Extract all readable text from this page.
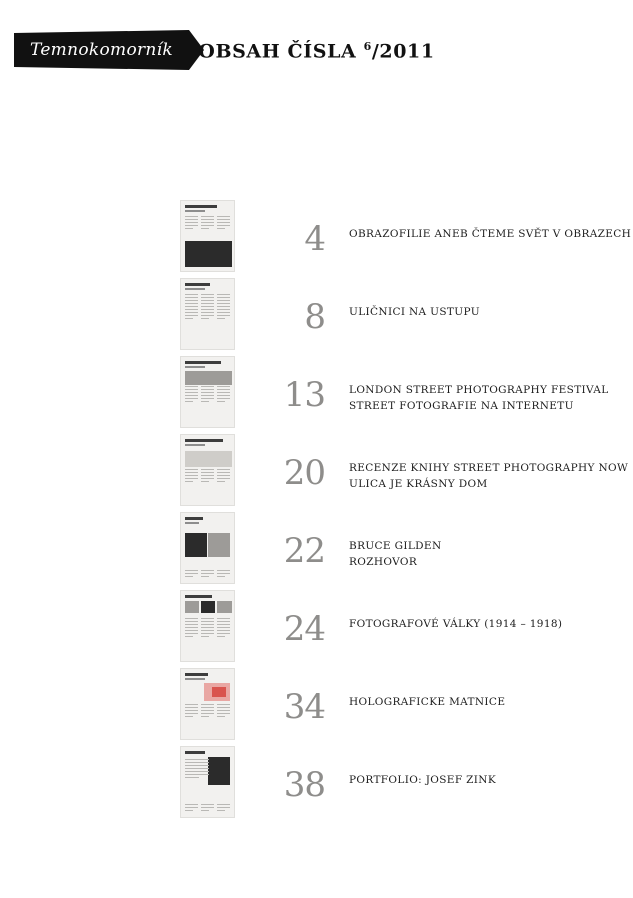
Temnokomorník	OBSAH ČÍSLA $^6$/2011
4	OBRAZOFILIE ANEB ČTEME SVĚT V OBRAZECH
8	ULIČNICI NA USTUPU
13	LONDON STREET PHOTOGRAPHY FESTIVAL
STREET FOTOGRAFIE NA INTERNETU
20	RECENZE KNIHY STREET PHOTOGRAPHY NOW
ULICA JE KRÁSNY DOM
22	BRUCE GILDEN
ROZHOVOR
24	FOTOGRAFOVÉ VÁLKY (1914 – 1918)
34	HOLOGRAFICKE MATNICE
38	PORTFOLIO: JOSEF ZINK
